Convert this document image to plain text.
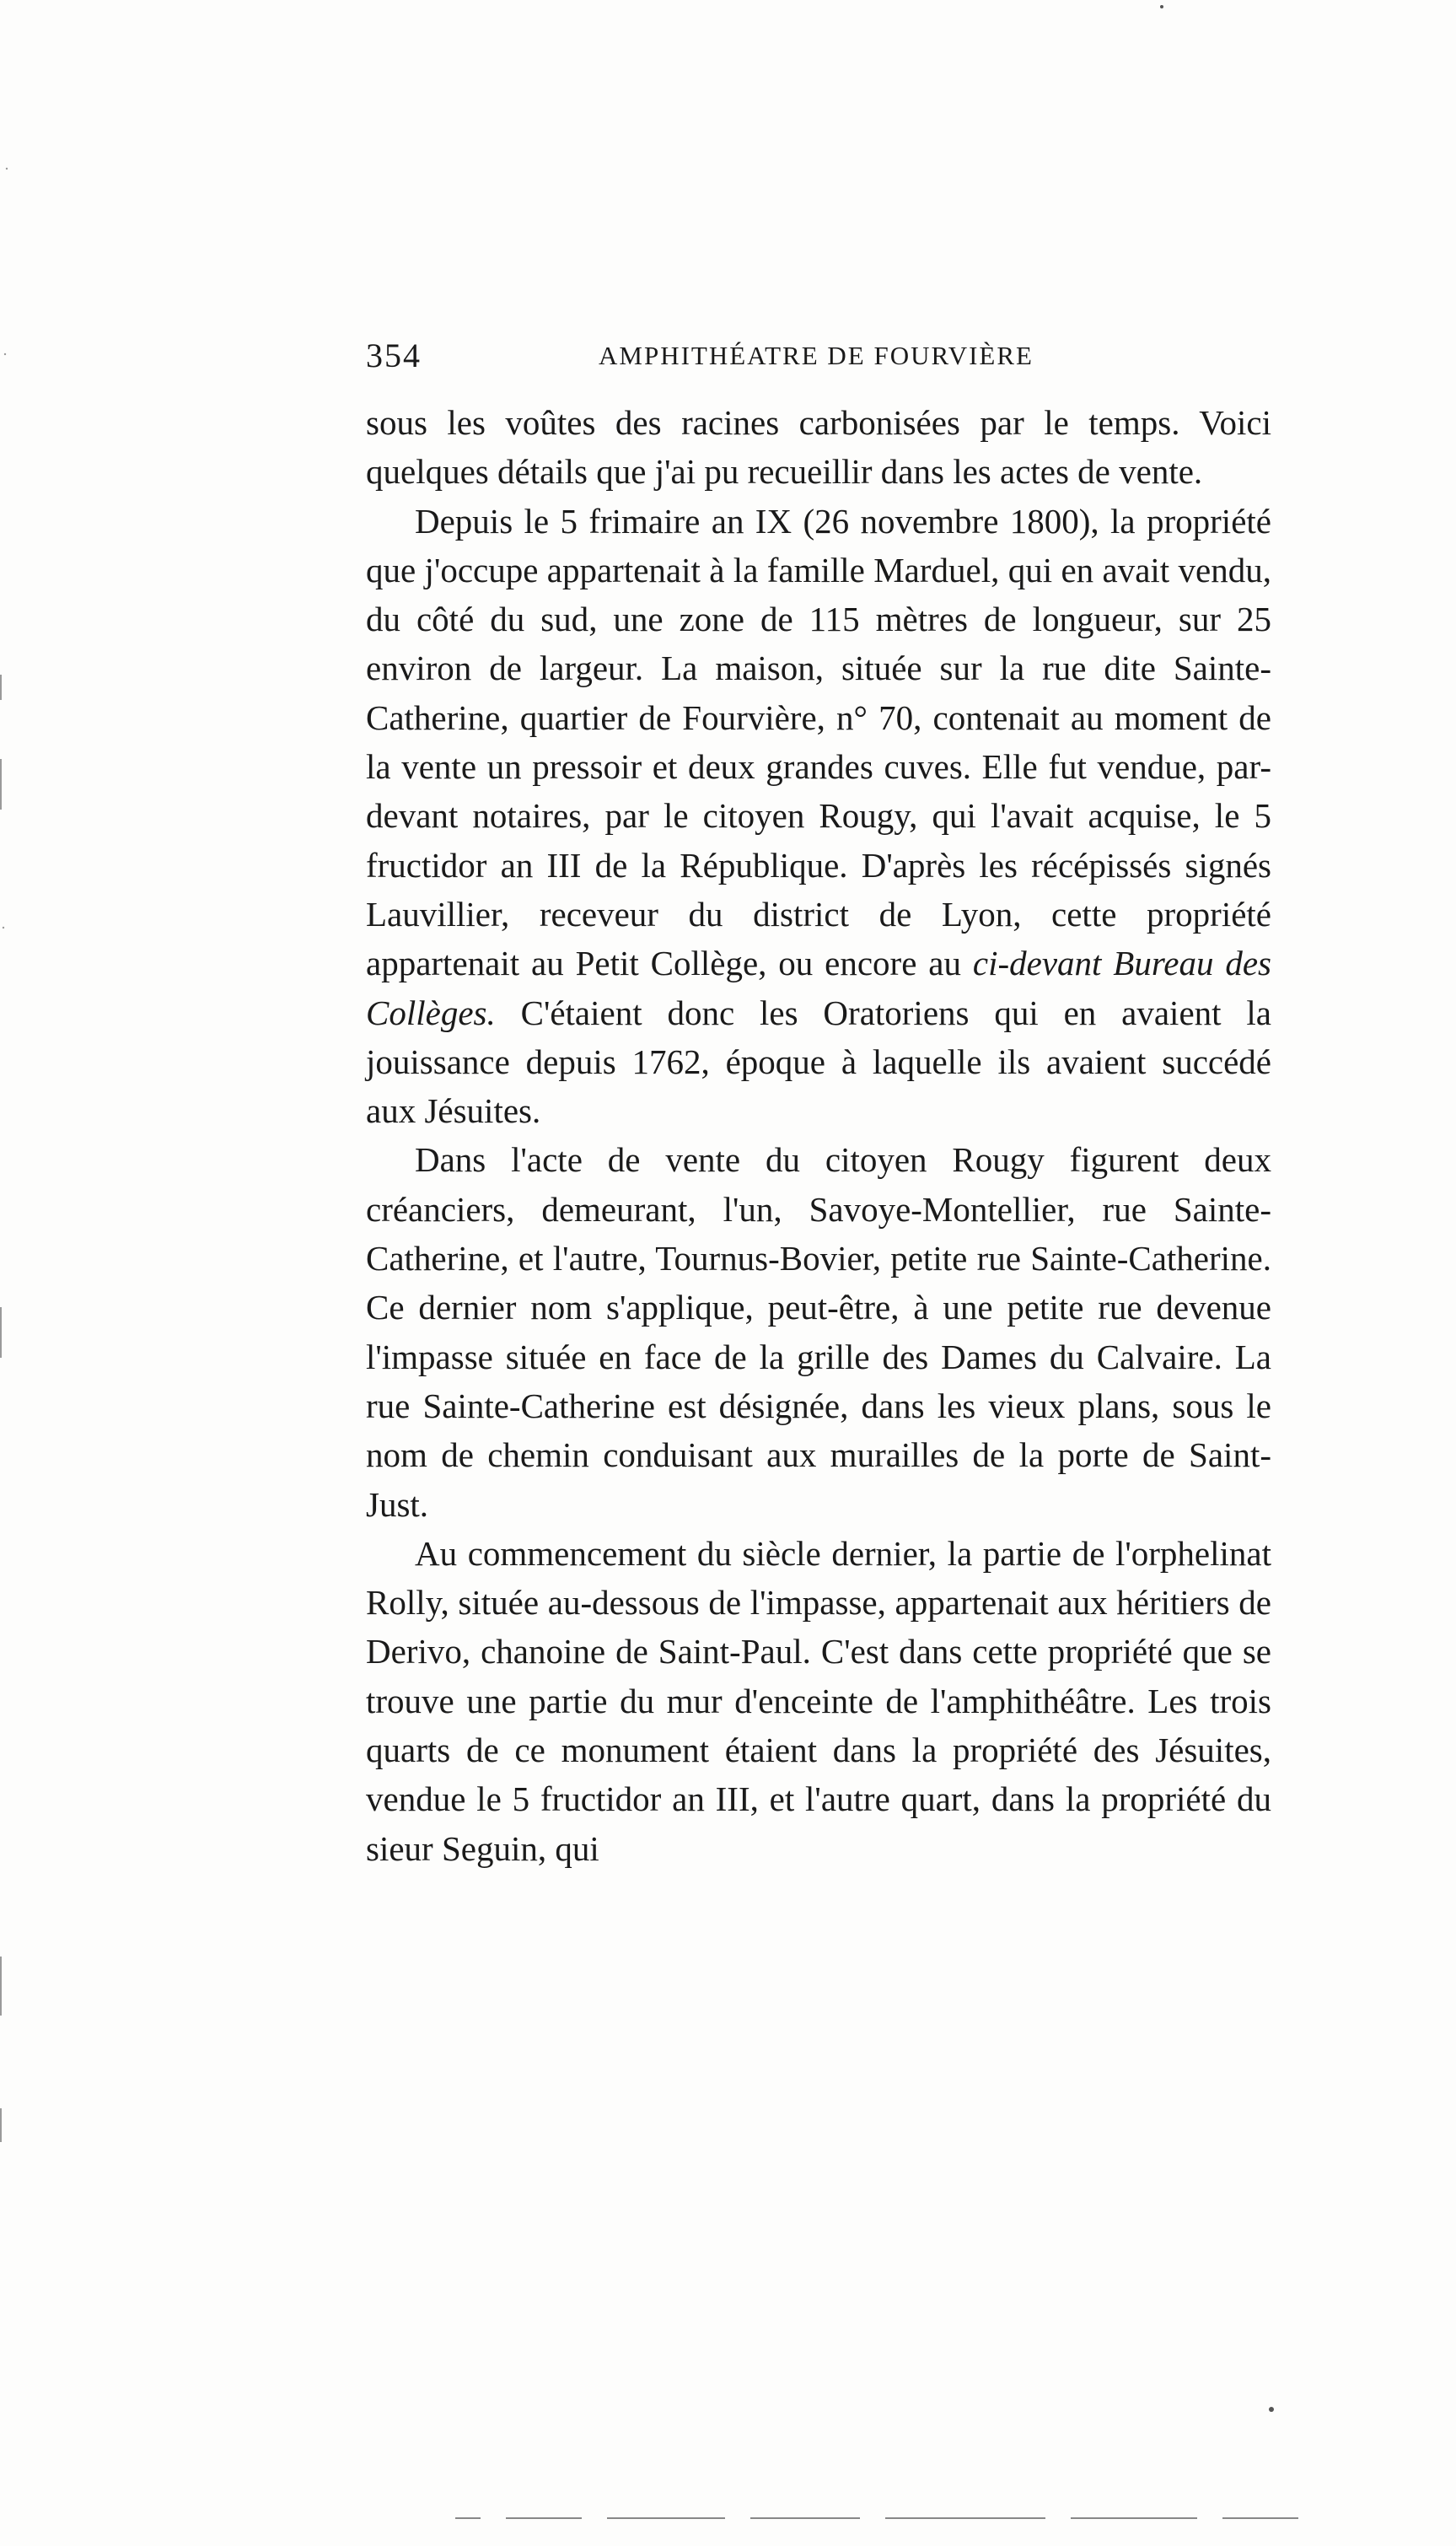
354	AMPHITHÉATRE DE FOURVIÈRE

sous les voûtes des racines carbonisées par le temps. Voici quelques détails que j'ai pu recueillir dans les actes de vente.

Depuis le 5 frimaire an IX (26 novembre 1800), la propriété que j'occupe appartenait à la famille Marduel, qui en avait vendu, du côté du sud, une zone de 115 mètres de longueur, sur 25 environ de largeur. La maison, située sur la rue dite Sainte-Catherine, quartier de Fourvière, n° 70, contenait au moment de la vente un pressoir et deux grandes cuves. Elle fut vendue, par-devant notaires, par le citoyen Rougy, qui l'avait acquise, le 5 fructidor an III de la République. D'après les récépissés signés Lauvillier, receveur du district de Lyon, cette propriété appartenait au Petit Collège, ou encore au ci-devant Bureau des Collèges. C'étaient donc les Oratoriens qui en avaient la jouissance depuis 1762, époque à laquelle ils avaient succédé aux Jésuites.

Dans l'acte de vente du citoyen Rougy figurent deux créanciers, demeurant, l'un, Savoye-Montellier, rue Sainte-Catherine, et l'autre, Tournus-Bovier, petite rue Sainte-Catherine. Ce dernier nom s'applique, peut-être, à une petite rue devenue l'impasse située en face de la grille des Dames du Calvaire. La rue Sainte-Catherine est désignée, dans les vieux plans, sous le nom de chemin conduisant aux murailles de la porte de Saint-Just.

Au commencement du siècle dernier, la partie de l'orphelinat Rolly, située au-dessous de l'impasse, appartenait aux héritiers de Derivo, chanoine de Saint-Paul. C'est dans cette propriété que se trouve une partie du mur d'enceinte de l'amphithéâtre. Les trois quarts de ce monument étaient dans la propriété des Jésuites, vendue le 5 fructidor an III, et l'autre quart, dans la propriété du sieur Seguin, qui
